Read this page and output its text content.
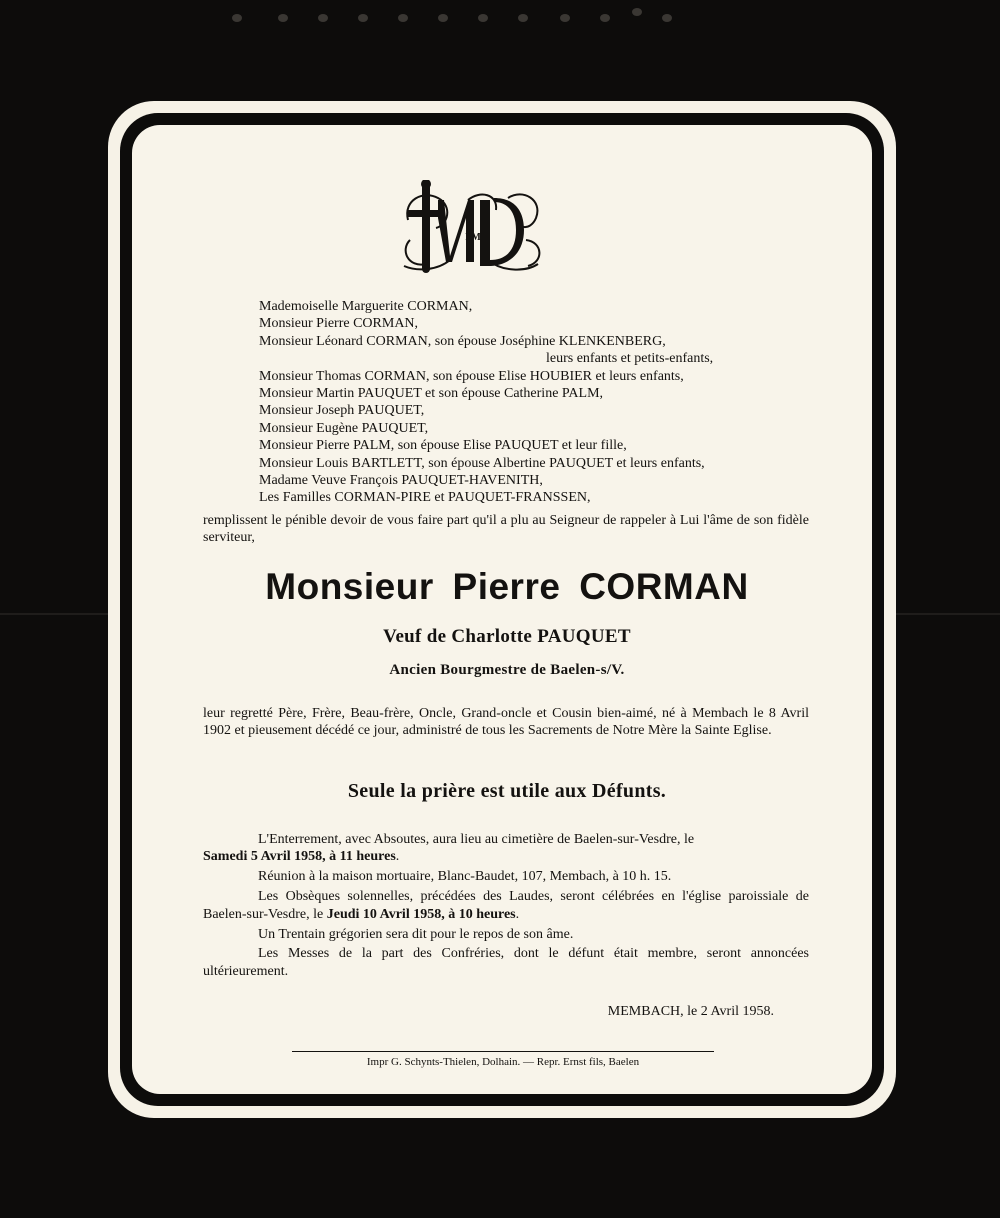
PM
Mademoiselle Marguerite CORMAN,
Monsieur Pierre CORMAN,
Monsieur Léonard CORMAN, son épouse Joséphine KLENKENBERG,
leurs enfants et petits-enfants,
Monsieur Thomas CORMAN, son épouse Elise HOUBIER et leurs enfants,
Monsieur Martin PAUQUET et son épouse Catherine PALM,
Monsieur Joseph PAUQUET,
Monsieur Eugène PAUQUET,
Monsieur Pierre PALM, son épouse Elise PAUQUET et leur fille,
Monsieur Louis BARTLETT, son épouse Albertine PAUQUET et leurs enfants,
Madame Veuve François PAUQUET-HAVENITH,
Les Familles CORMAN-PIRE et PAUQUET-FRANSSEN,

remplissent le pénible devoir de vous faire part qu'il a plu au Seigneur de rappeler à Lui l'âme de son fidèle serviteur,

Monsieur Pierre CORMAN
Veuf de Charlotte PAUQUET
Ancien Bourgmestre de Baelen-s/V.

leur regretté Père, Frère, Beau-frère, Oncle, Grand-oncle et Cousin bien-aimé, né à Membach le 8 Avril 1902 et pieusement décédé ce jour, administré de tous les Sacrements de Notre Mère la Sainte Eglise.

Seule la prière est utile aux Défunts.

L'Enterrement, avec Absoutes, aura lieu au cimetière de Baelen-sur-Vesdre, le
Samedi 5 Avril 1958, à 11 heures.

Réunion à la maison mortuaire, Blanc-Baudet, 107, Membach, à 10 h. 15.

Les Obsèques solennelles, précédées des Laudes, seront célébrées en l'église paroissiale de Baelen-sur-Vesdre, le Jeudi 10 Avril 1958, à 10 heures.

Un Trentain grégorien sera dit pour le repos de son âme.

Les Messes de la part des Confréries, dont le défunt était membre, seront annoncées ultérieurement.

MEMBACH, le 2 Avril 1958.
Impr G. Schynts-Thielen, Dolhain. — Repr. Ernst fils, Baelen
